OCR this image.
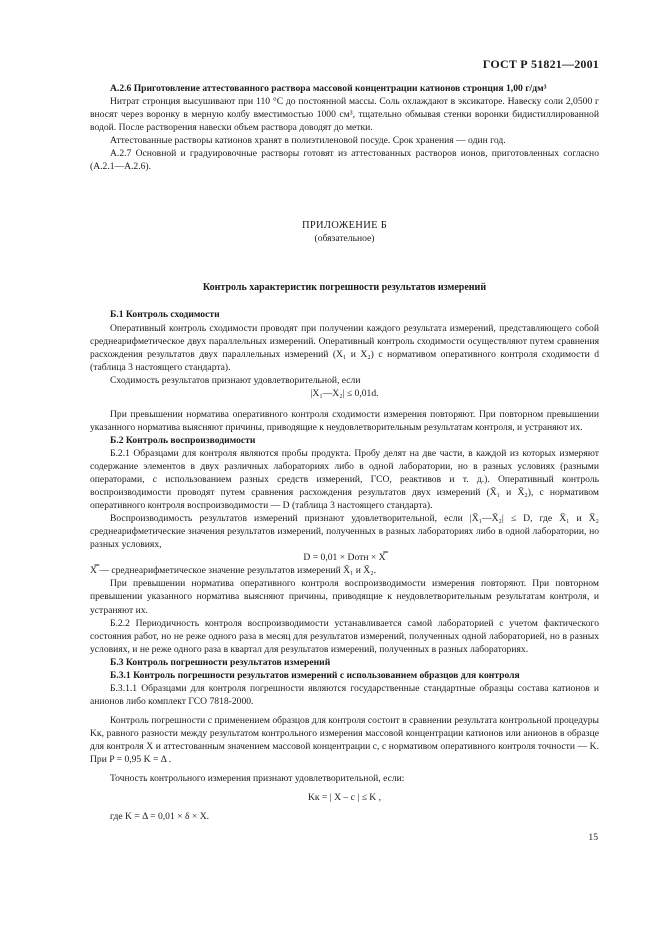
ГОСТ Р 51821—2001

А.2.6 Приготовление аттестованного раствора массовой концентрации катионов стронция 1,00 г/дм³

Нитрат стронция высушивают при 110 °С до постоянной массы. Соль охлаждают в эксикаторе. Навеску соли 2,0500 г вносят через воронку в мерную колбу вместимостью 1000 см³, тщательно обмывая стенки воронки бидистиллированной водой. После растворения навески объем раствора доводят до метки.

Аттестованные растворы катионов хранят в полиэтиленовой посуде. Срок хранения — один год.

А.2.7 Основной и градуировочные растворы готовят из аттестованных растворов ионов, приготовленных согласно (А.2.1—А.2.6).

ПРИЛОЖЕНИЕ Б
(обязательное)
Контроль характеристик погрешности результатов измерений

Б.1 Контроль сходимости

Оперативный контроль сходимости проводят при получении каждого результата измерений, представляющего собой среднеарифметическое двух параллельных измерений. Оперативный контроль сходимости осуществляют путем сравнения расхождения результатов двух параллельных измерений (X₁ и X₂) с нормативом оперативного контроля сходимости d (таблица 3 настоящего стандарта).

Сходимость результатов признают удовлетворительной, если

|X₁—X₂| ≤ 0,01d.

При превышении норматива оперативного контроля сходимости измерения повторяют. При повторном превышении указанного норматива выясняют причины, приводящие к неудовлетворительным результатам контроля, и устраняют их.

Б.2 Контроль воспроизводимости

Б.2.1 Образцами для контроля являются пробы продукта. Пробу делят на две части, в каждой из которых измеряют содержание элементов в двух различных лабораториях либо в одной лаборатории, но в разных условиях (разными операторами, с использованием разных средств измерений, ГСО, реактивов и т. д.). Оперативный контроль воспроизводимости проводят путем сравнения расхождения результатов двух измерений (X̄₁ и X̄₂), с нормативом оперативного контроля воспроизводимости — D (таблица 3 настоящего стандарта).

Воспроизводимость результатов измерений признают удовлетворительной, если |X̄₁—X̄₂| ≤ D, где X̄₁ и X̄₂ среднеарифметические значения результатов измерений, полученных в разных лабораториях либо в одной лаборатории, но разных условиях,

D = 0,01 × Dотн × X̿

X̿ — среднеарифметическое значение результатов измерений X̄₁ и X̄₂.

При превышении норматива оперативного контроля воспроизводимости измерения повторяют. При повторном превышении указанного норматива выясняют причины, приводящие к неудовлетворительным результатам контроля, и устраняют их.

Б.2.2 Периодичность контроля воспроизводимости устанавливается самой лабораторией с учетом фактического состояния работ, но не реже одного раза в месяц для результатов измерений, полученных одной лабораторией, но в разных условиях, и не реже одного раза в квартал для результатов измерений, полученных в разных лабораториях.

Б.3 Контроль погрешности результатов измерений

Б.3.1 Контроль погрешности результатов измерений с использованием образцов для контроля

Б.3.1.1 Образцами для контроля погрешности являются государственные стандартные образцы состава катионов и анионов либо комплект ГСО 7818-2000.

Контроль погрешности с применением образцов для контроля состоит в сравнении результата контрольной процедуры Kк, равного разности между результатом контрольного измерения массовой концентрации катионов или анионов в образце для контроля X и аттестованным значением массовой концентрации c, с нормативом оперативного контроля точности — K. При P = 0,95 K = Δ .

Точность контрольного измерения признают удовлетворительной, если:

Kк = | X – c | ≤ K ,

где K = Δ = 0,01 × δ × X.

15
